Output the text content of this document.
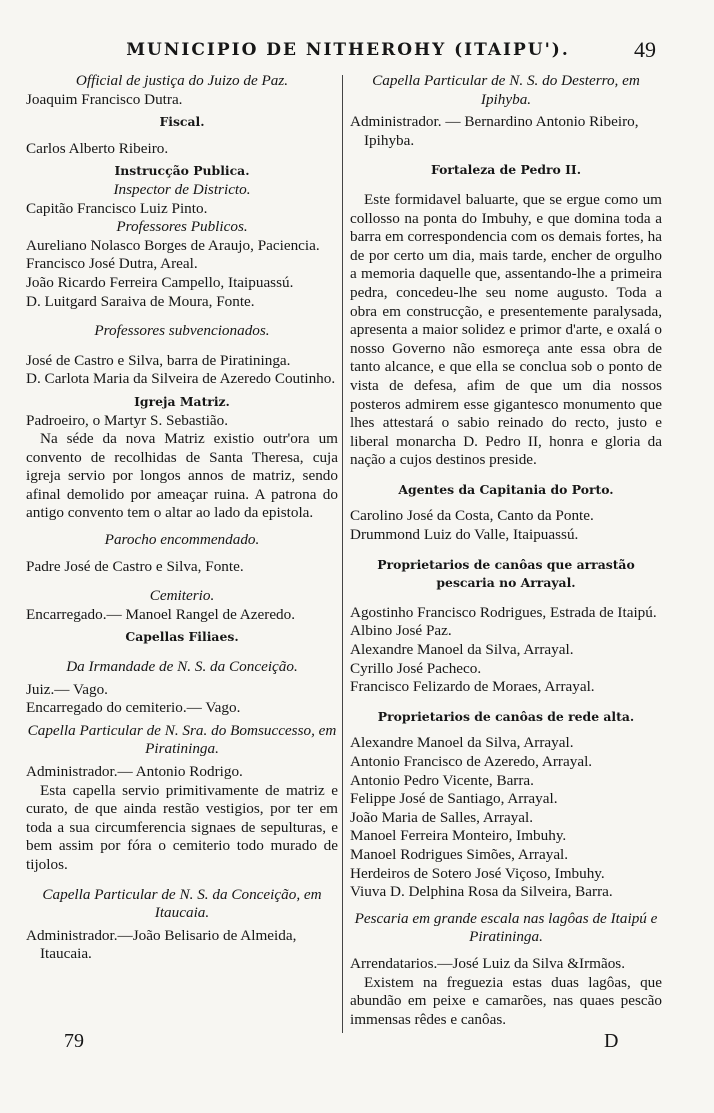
MUNICIPIO DE NITHEROHY (ITAIPU').	49
Official de justiça do Juizo de Paz.
Joaquim Francisco Dutra.
Fiscal.
Carlos Alberto Ribeiro.
Instrucção Publica.
Inspector de Districto.
Capitão Francisco Luiz Pinto.
Professores Publicos.
Aureliano Nolasco Borges de Araujo, Paciencia.
Francisco José Dutra, Areal.
João Ricardo Ferreira Campello, Itaipuassú.
D. Luitgard Saraiva de Moura, Fonte.
Professores subvencionados.
José de Castro e Silva, barra de Piratininga.
D. Carlota Maria da Silveira de Azeredo Coutinho.
Igreja Matriz.
Padroeiro, o Martyr S. Sebastião.
Na séde da nova Matriz existio outr'ora um convento de recolhidas de Santa Theresa, cuja igreja servio por longos annos de matriz, sendo afinal demolido por ameaçar ruina. A patrona do antigo convento tem o altar ao lado da epistola.
Parocho encommendado.
Padre José de Castro e Silva, Fonte.
Cemiterio.
Encarregado.— Manoel Rangel de Azeredo.
Capellas Filiaes.
Da Irmandade de N. S. da Conceição.
Juiz.— Vago.
Encarregado do cemiterio.— Vago.
Capella Particular de N. Sra. do Bomsuccesso, em Piratininga.
Administrador.— Antonio Rodrigo.
Esta capella servio primitivamente de matriz e curato, de que ainda restão vestigios, por ter em toda a sua circumferencia signaes de sepulturas, e bem assim por fóra o cemiterio todo murado de tijolos.
Capella Particular de N. S. da Conceição, em Itaucaia.
Administrador.—João Belisario de Almeida, Itaucaia.
Capella Particular de N. S. do Desterro, em Ipihyba.
Administrador. — Bernardino Antonio Ribeiro, Ipihyba.
Fortaleza de Pedro II.
Este formidavel baluarte, que se ergue como um collosso na ponta do Imbuhy, e que domina toda a barra em correspondencia com os demais fortes, ha de por certo um dia, mais tarde, encher de orgulho a memoria daquelle que, assentando-lhe a primeira pedra, concedeu-lhe seu nome augusto. Toda a obra em construcção, e presentemente paralysada, apresenta a maior solidez e primor d'arte, e oxalá o nosso Governo não esmoreça ante essa obra de tanto alcance, e que ella se conclua sob o ponto de vista de defesa, afim de que um dia nossos posteros admirem esse gigantesco monumento que lhes attestará o sabio reinado do recto, justo e liberal monarcha D. Pedro II, honra e gloria da nação a cujos destinos preside.
Agentes da Capitania do Porto.
Carolino José da Costa, Canto da Ponte.
Drummond Luiz do Valle, Itaipuassú.
Proprietarios de canôas que arrastão pescaria no Arrayal.
Agostinho Francisco Rodrigues, Estrada de Itaipú.
Albino José Paz.
Alexandre Manoel da Silva, Arrayal.
Cyrillo José Pacheco.
Francisco Felizardo de Moraes, Arrayal.
Proprietarios de canôas de rede alta.
Alexandre Manoel da Silva, Arrayal.
Antonio Francisco de Azeredo, Arrayal.
Antonio Pedro Vicente, Barra.
Felippe José de Santiago, Arrayal.
João Maria de Salles, Arrayal.
Manoel Ferreira Monteiro, Imbuhy.
Manoel Rodrigues Simões, Arrayal.
Herdeiros de Sotero José Viçoso, Imbuhy.
Viuva D. Delphina Rosa da Silveira, Barra.
Pescaria em grande escala nas lagôas de Itaipú e Piratininga.
Arrendatarios.—José Luiz da Silva &Irmãos.
Existem na freguezia estas duas lagôas, que abundão em peixe e camarões, nas quaes pescão immensas rêdes e canôas.
79	D
